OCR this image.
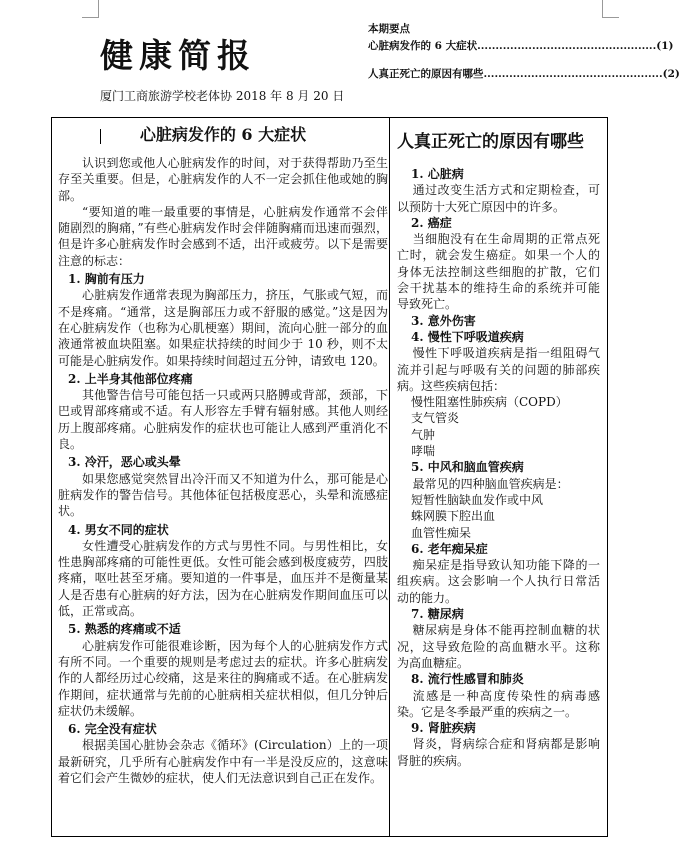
健康简报
厦门工商旅游学校老体协 2018 年 8 月 20 日
本期要点
心脏病发作的 6 大症状 ................................................. (1)
人真正死亡的原因有哪些 ................................................. (2)
心脏病发作的 6 大症状

认识到您或他人心脏病发作的时间，对于获得帮助乃至生存至关重要。但是，心脏病发作的人不一定会抓住他或她的胸部。

“要知道的唯一最重要的事情是，心脏病发作通常不会伴随剧烈的胸痛，”有些心脏病发作时会伴随胸痛而迅速而强烈，但是许多心脏病发作时会感到不适，出汗或疲劳。以下是需要注意的标志：

1. 胸前有压力

心脏病发作通常表现为胸部压力，挤压，气胀或气短，而不是疼痛。“通常，这是胸部压力或不舒服的感觉。”这是因为在心脏病发作（也称为心肌梗塞）期间，流向心脏一部分的血液通常被血块阻塞。如果症状持续的时间少于 10 秒，则不太可能是心脏病发作。如果持续时间超过五分钟，请致电 120。

2. 上半身其他部位疼痛

其他警告信号可能包括一只或两只胳膊或背部，颈部，下巴或胃部疼痛或不适。有人形容左手臂有辐射感。其他人则经历上腹部疼痛。心脏病发作的症状也可能让人感到严重消化不良。

3. 冷汗，恶心或头晕

如果您感觉突然冒出冷汗而又不知道为什么，那可能是心脏病发作的警告信号。其他体征包括极度恶心，头晕和流感症状。

4. 男女不同的症状

女性遭受心脏病发作的方式与男性不同。与男性相比，女性患胸部疼痛的可能性更低。女性可能会感到极度疲劳，四肢疼痛，呕吐甚至牙痛。要知道的一件事是，血压并不是衡量某人是否患有心脏病的好方法，因为在心脏病发作期间血压可以低，正常或高。

5. 熟悉的疼痛或不适

心脏病发作可能很难诊断，因为每个人的心脏病发作方式有所不同。一个重要的规则是考虑过去的症状。许多心脏病发作的人都经历过心绞痛，这是来往的胸痛或不适。在心脏病发作期间，症状通常与先前的心脏病相关症状相似，但几分钟后症状仍未缓解。

6. 完全没有症状

根据美国心脏协会杂志《循环》(Circulation）上的一项最新研究，几乎所有心脏病发作中有一半是没反应的，这意味着它们会产生微妙的症状，使人们无法意识到自己正在发作。

人真正死亡的原因有哪些
1. 心脏病

通过改变生活方式和定期检查，可以预防十大死亡原因中的许多。

2. 癌症

当细胞没有在生命周期的正常点死亡时，就会发生癌症。如果一个人的身体无法控制这些细胞的扩散，它们会干扰基本的维持生命的系统并可能导致死亡。

3. 意外伤害
4. 慢性下呼吸道疾病

慢性下呼吸道疾病是指一组阻碍气流并引起与呼吸有关的问题的肺部疾病。这些疾病包括：

慢性阻塞性肺疾病（COPD）
支气管炎
气肿
哮喘
5. 中风和脑血管疾病

最常见的四种脑血管疾病是：

短暂性脑缺血发作或中风
蛛网膜下腔出血
血管性痴呆
6. 老年痴呆症

痴呆症是指导致认知功能下降的一组疾病。这会影响一个人执行日常活动的能力。

7. 糖尿病

糖尿病是身体不能再控制血糖的状况，这导致危险的高血糖水平。这称为高血糖症。

8. 流行性感冒和肺炎

流感是一种高度传染性的病毒感染。它是冬季最严重的疾病之一。

9. 肾脏疾病

肾炎，肾病综合症和肾病都是影响肾脏的疾病。
